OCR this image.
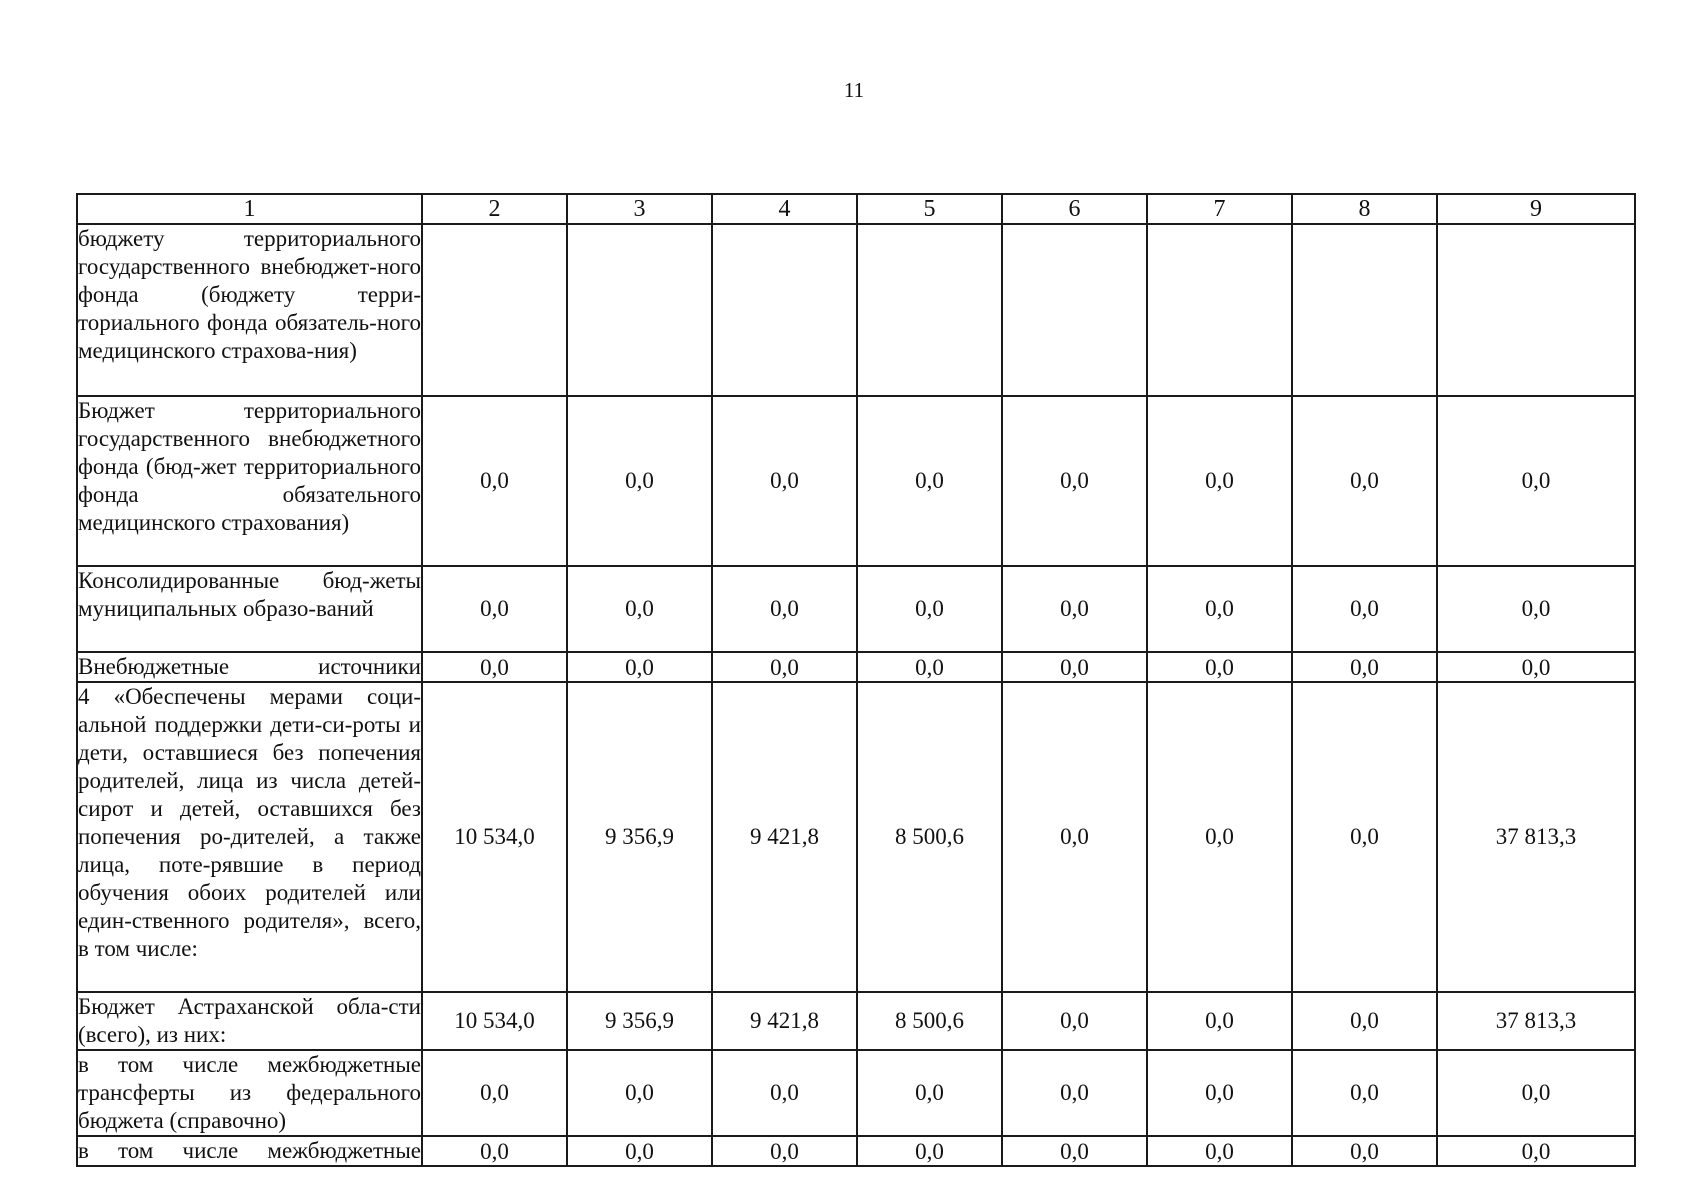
11
1	2	3	4	5	6	7	8	9
бюджету территориального государственного внебюджет-ного фонда (бюджету терри-ториального фонда обязатель-ного медицинского страхова-ния)								
Бюджет территориального государственного внебюджетного фонда (бюд-жет территориального фонда обязательного медицинского страхования)	0,0	0,0	0,0	0,0	0,0	0,0	0,0	0,0
Консолидированные бюд-жеты муниципальных образо-ваний	0,0	0,0	0,0	0,0	0,0	0,0	0,0	0,0
Внебюджетные источники	0,0	0,0	0,0	0,0	0,0	0,0	0,0	0,0
4 «Обеспечены мерами соци-альной поддержки дети-си-роты и дети, оставшиеся без попечения родителей, лица из числа детей-сирот и детей, оставшихся без попечения ро-дителей, а также лица, поте-рявшие в период обучения обоих родителей или един-ственного родителя», всего, в том числе:	10 534,0	9 356,9	9 421,8	8 500,6	0,0	0,0	0,0	37 813,3
Бюджет Астраханской обла-сти (всего), из них:	10 534,0	9 356,9	9 421,8	8 500,6	0,0	0,0	0,0	37 813,3
в том числе межбюджетные трансферты из федерального бюджета (справочно)	0,0	0,0	0,0	0,0	0,0	0,0	0,0	0,0
в том числе межбюджетные	0,0	0,0	0,0	0,0	0,0	0,0	0,0	0,0
